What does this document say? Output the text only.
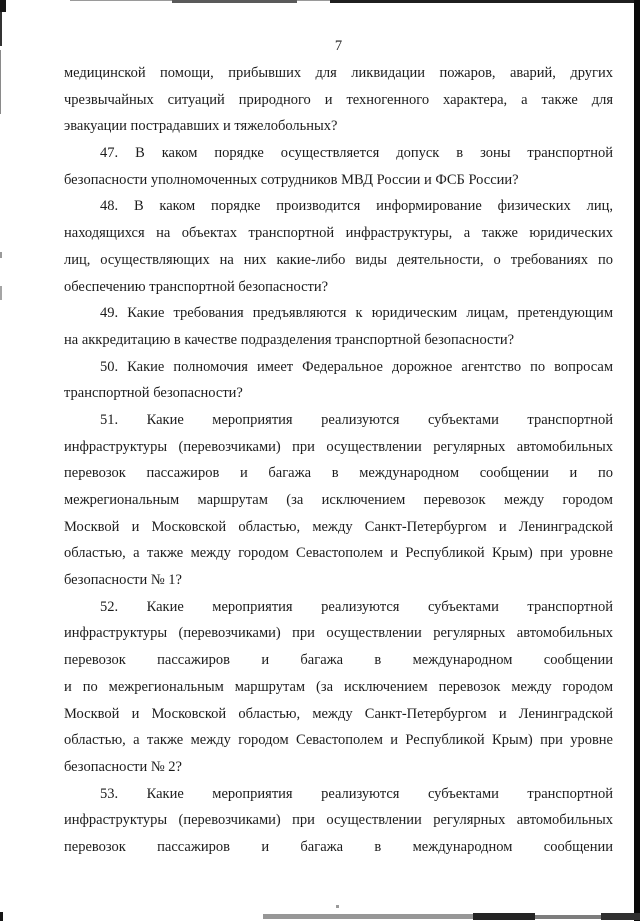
7
медицинской помощи, прибывших для ликвидации пожаров, аварий, других
чрезвычайных ситуаций природного и техногенного характера, а также для
эвакуации пострадавших и тяжелобольных?
47. В каком порядке осуществляется допуск в зоны транспортной
безопасности уполномоченных сотрудников МВД России и ФСБ России?
48. В каком порядке производится информирование физических лиц,
находящихся на объектах транспортной инфраструктуры, а также юридических
лиц, осуществляющих на них какие-либо виды деятельности, о требованиях по
обеспечению транспортной безопасности?
49. Какие требования предъявляются к юридическим лицам, претендующим
на аккредитацию в качестве подразделения транспортной безопасности?
50. Какие полномочия имеет Федеральное дорожное агентство по вопросам
транспортной безопасности?
51. Какие мероприятия реализуются субъектами транспортной
инфраструктуры (перевозчиками) при осуществлении регулярных автомобильных
перевозок пассажиров и багажа в международном сообщении и по
межрегиональным маршрутам (за исключением перевозок между городом
Москвой и Московской областью, между Санкт-Петербургом и Ленинградской
областью, а также между городом Севастополем и Республикой Крым) при уровне
безопасности № 1?
52. Какие мероприятия реализуются субъектами транспортной
инфраструктуры (перевозчиками) при осуществлении регулярных автомобильных
перевозок пассажиров и багажа в международном сообщении
и по межрегиональным маршрутам (за исключением перевозок между городом
Москвой и Московской областью, между Санкт-Петербургом и Ленинградской
областью, а также между городом Севастополем и Республикой Крым) при уровне
безопасности № 2?
53. Какие мероприятия реализуются субъектами транспортной
инфраструктуры (перевозчиками) при осуществлении регулярных автомобильных
перевозок пассажиров и багажа в международном сообщении
